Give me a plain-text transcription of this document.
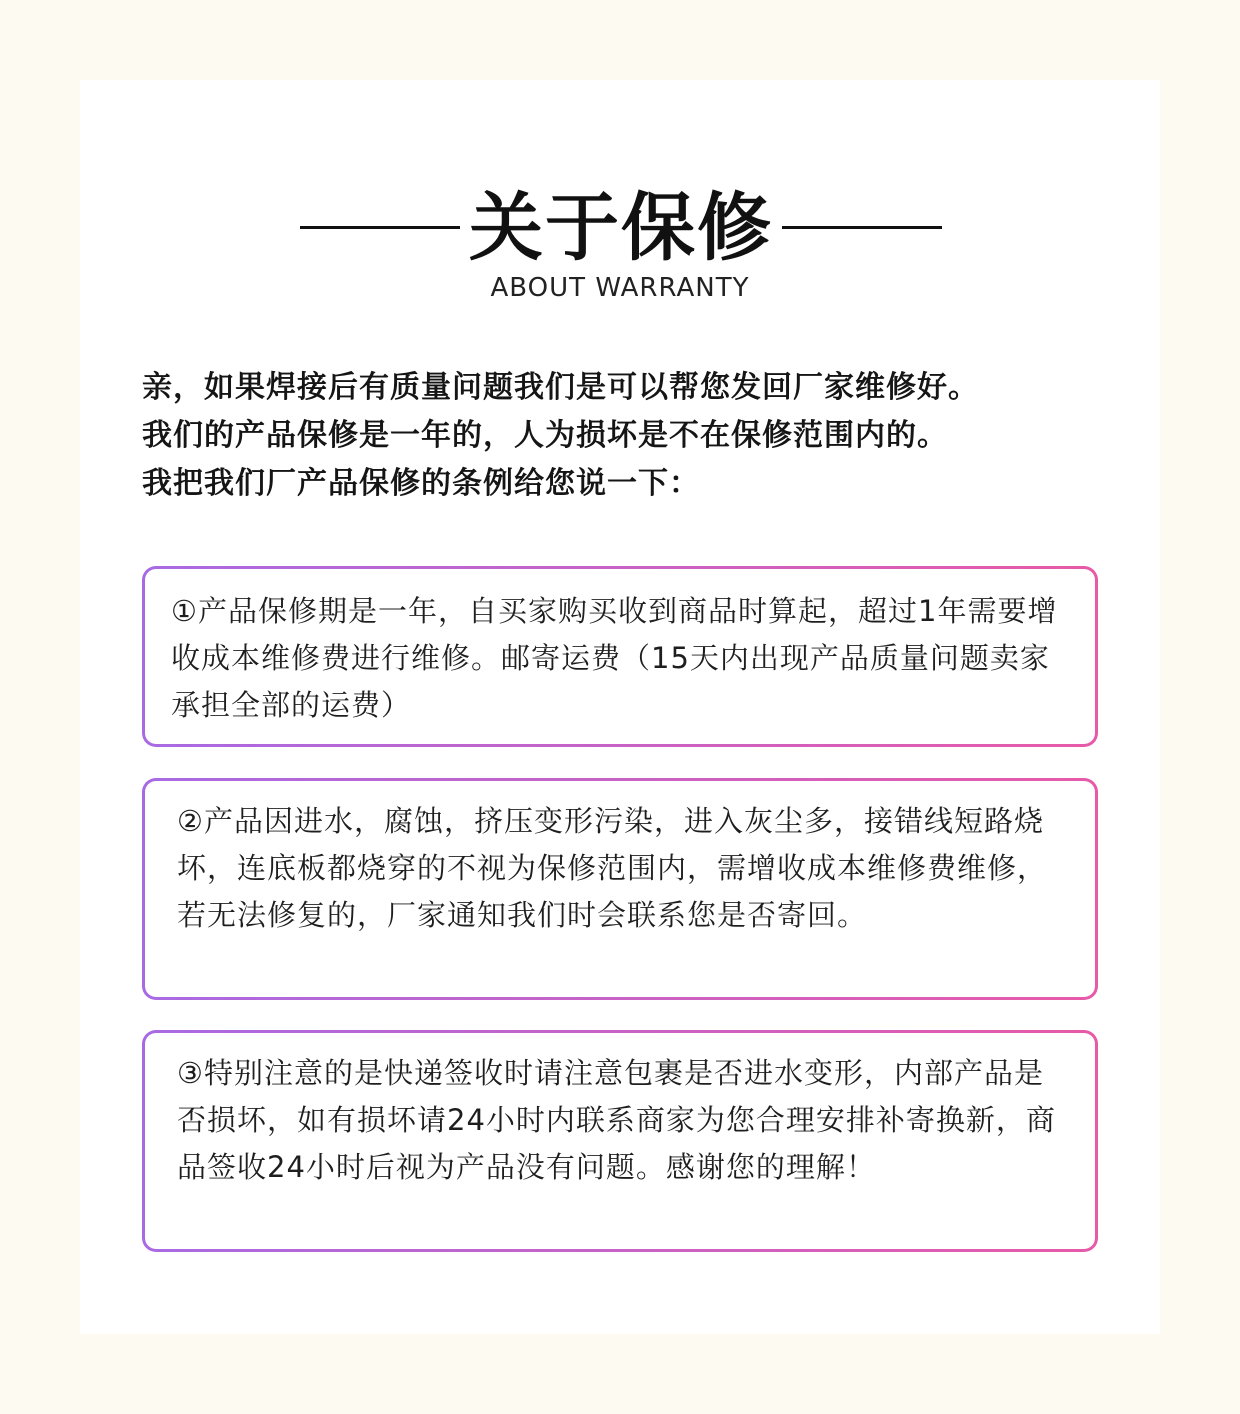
关于保修
ABOUT WARRANTY
亲，如果焊接后有质量问题我们是可以帮您发回厂家维修好。
我们的产品保修是一年的，人为损坏是不在保修范围内的。
我把我们厂产品保修的条例给您说一下：
①产品保修期是一年，自买家购买收到商品时算起，超过1年需要增收成本维修费进行维修。邮寄运费（15天内出现产品质量问题卖家承担全部的运费）
②产品因进水，腐蚀，挤压变形污染，进入灰尘多，接错线短路烧坏，连底板都烧穿的不视为保修范围内，需增收成本维修费维修，若无法修复的，厂家通知我们时会联系您是否寄回。
③特别注意的是快递签收时请注意包裹是否进水变形，内部产品是否损坏，如有损坏请24小时内联系商家为您合理安排补寄换新，商品签收24小时后视为产品没有问题。感谢您的理解！
